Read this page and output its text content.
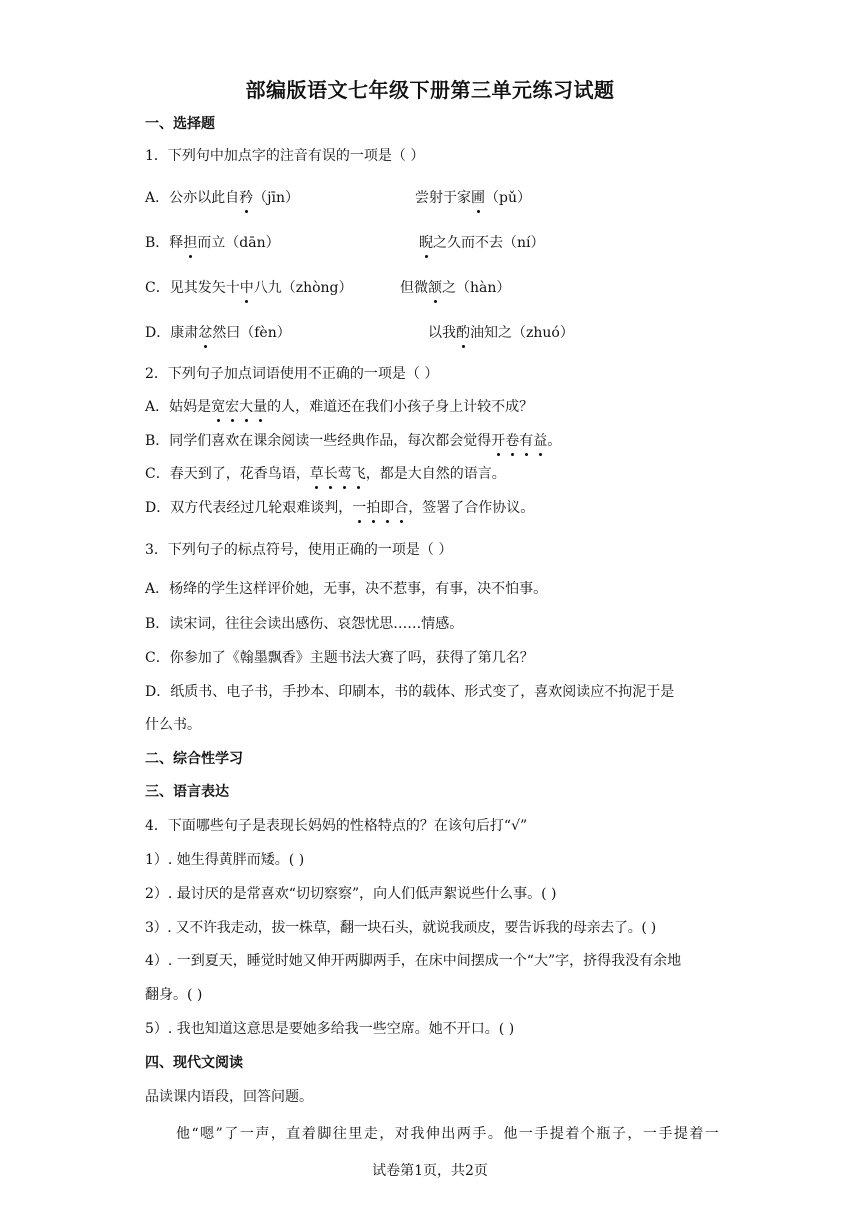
部编版语文七年级下册第三单元练习试题
一、选择题
1．下列句中加点字的注音有误的一项是（ ）
A．公亦以此自矜（jīn）	尝射于家圃（pǔ）
B．释担而立（dān）	睨之久而不去（ní）
C．见其发矢十中八九（zhòng）	但微颔之（hàn）
D．康肃忿然曰（fèn）	以我酌油知之（zhuó）
2．下列句子加点词语使用不正确的一项是（ ）
A．姑妈是宽宏大量的人，难道还在我们小孩子身上计较不成？
B．同学们喜欢在课余阅读一些经典作品，每次都会觉得开卷有益。
C．春天到了，花香鸟语，草长莺飞，都是大自然的语言。
D．双方代表经过几轮艰难谈判，一拍即合，签署了合作协议。
3．下列句子的标点符号，使用正确的一项是（ ）
A．杨绛的学生这样评价她，无事，决不惹事，有事，决不怕事。
B．读宋词，往往会读出感伤、哀怨忧思……情感。
C．你参加了《翰墨飘香》主题书法大赛了吗，获得了第几名？
D．纸质书、电子书，手抄本、印刷本，书的载体、形式变了，喜欢阅读应不拘泥于是
什么书。
二、综合性学习
三、语言表达
4．下面哪些句子是表现长妈妈的性格特点的？在该句后打“√”
1）. 她生得黄胖而矮。( )
2）. 最讨厌的是常喜欢“切切察察”，向人们低声絮说些什么事。( )
3）. 又不许我走动，拔一株草，翻一块石头，就说我顽皮，要告诉我的母亲去了。( )
4）. 一到夏天，睡觉时她又伸开两脚两手，在床中间摆成一个“大”字，挤得我没有余地
翻身。( )
5）. 我也知道这意思是要她多给我一些空席。她不开口。( )
四、现代文阅读
品读课内语段，回答问题。
他“嗯”了一声，直着脚往里走，对我伸出两手。他一手提着个瓶子，一手提着一
试卷第1页，共2页
